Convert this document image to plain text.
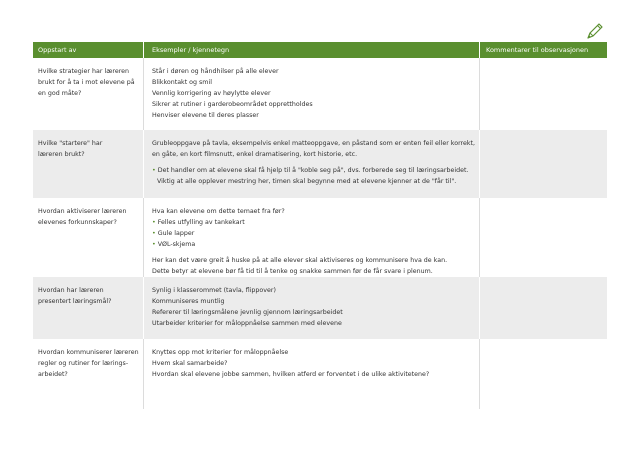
Oppstart av timen/læringsarbeidet
Eksempler / kjennetegn	Kommentarer til observasjonen
Hvilke strategier har læreren
brukt for å ta i mot elevene på
en god måte?
Står i døren og håndhilser på alle elever
Blikkontakt og smil
Vennlig korrigering av høylytte elever
Sikrer at rutiner i garderobeområdet opprettholdes
Henviser elevene til deres plasser
Hvilke "startere" har
læreren brukt?
Grubleoppgave på tavla, eksempelvis enkel matteoppgave, en påstand som er enten feil eller korrekt,
en gåte, en kort filmsnutt, enkel dramatisering, kort historie, etc.
• Det handler om at elevene skal få hjelp til å "koble seg på", dvs. forberede seg til læringsarbeidet.
Viktig at alle opplever mestring her, timen skal begynne med at elevene kjenner at de "får til".
Hvordan aktiviserer læreren
elevenes forkunnskaper?
Hva kan elevene om dette temaet fra før?
• Felles utfylling av tankekart
• Gule lapper
• VØL-skjema
Her kan det være greit å huske på at alle elever skal aktiviseres og kommunisere hva de kan.
Dette betyr at elevene bør få tid til å tenke og snakke sammen før de får svare i plenum.
Hvordan har læreren
presentert læringsmål?
Synlig i klasserommet (tavla, flippover)
Kommuniseres muntlig
Refererer til læringsmålene jevnlig gjennom læringsarbeidet
Utarbeider kriterier for måloppnåelse sammen med elevene
Hvordan kommuniserer læreren
regler og rutiner for lærings-
arbeidet?
Knyttes opp mot kriterier for måloppnåelse
Hvem skal samarbeide?
Hvordan skal elevene jobbe sammen, hvilken atferd er forventet i de ulike aktivitetene?
